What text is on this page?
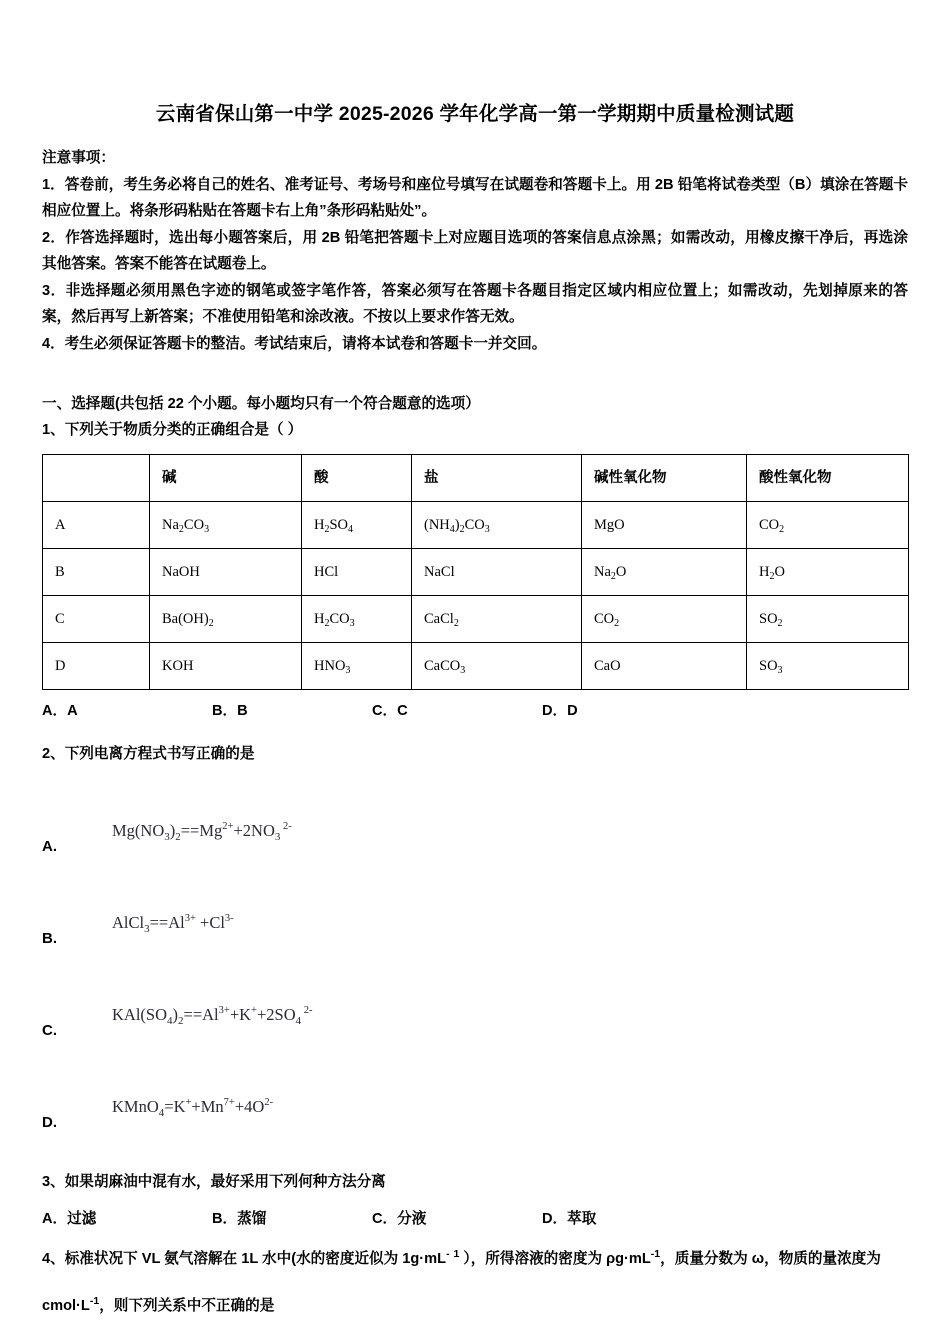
云南省保山第一中学 2025-2026 学年化学高一第一学期期中质量检测试题

注意事项：

1．答卷前，考生务必将自己的姓名、准考证号、考场号和座位号填写在试题卷和答题卡上。用 2B 铅笔将试卷类型（B）填涂在答题卡相应位置上。将条形码粘贴在答题卡右上角”条形码粘贴处”。

2．作答选择题时，选出每小题答案后，用 2B 铅笔把答题卡上对应题目选项的答案信息点涂黑；如需改动，用橡皮擦干净后，再选涂其他答案。答案不能答在试题卷上。

3．非选择题必须用黑色字迹的钢笔或签字笔作答，答案必须写在答题卡各题目指定区域内相应位置上；如需改动，先划掉原来的答案，然后再写上新答案；不准使用铅笔和涂改液。不按以上要求作答无效。

4．考生必须保证答题卡的整洁。考试结束后，请将本试卷和答题卡一并交回。

一、选择题(共包括 22 个小题。每小题均只有一个符合题意的选项）

1、下列关于物质分类的正确组合是（ ）

	碱	酸	盐	碱性氧化物	酸性氧化物
A	$Na_2CO_3$	$H_2SO_4$	$(NH_4)_2CO_3$	MgO	$CO_2$
B	NaOH	HCl	NaCl	$Na_2O$	$H_2O$
C	$Ba(OH)_2$	$H_2CO_3$	CaCl$_2$	$CO_2$	$SO_2$
D	KOH	$HNO_3$	CaCO$_3$	CaO	$SO_3$
A．A	B．B	C．C	D．D

2、下列电离方程式书写正确的是

$Mg(NO_3)_2==Mg^{2+}+2NO_3$ $^{2-}$
A.
$AlCl_3==Al^{3+} +Cl^{3-}$
B.
$KAl(SO_4)_2==Al^{3+}+K^++2SO_4$ $^{2-}$
C.
$KMnO_4=K^++Mn^{7+}+4O^{2-}$
D.

3、如果胡麻油中混有水，最好采用下列何种方法分离

A．过滤	B．蒸馏	C．分液	D．萃取

4、标准状况下 VL 氨气溶解在 1L 水中(水的密度近似为 $1g\cdot mL^{-1}$），所得溶液的密度为 $\rho g\cdot mL^{-1}$，质量分数为 ω，物质的量浓度为 $cmol\cdot L^{-1}$，则下列关系中不正确的是
